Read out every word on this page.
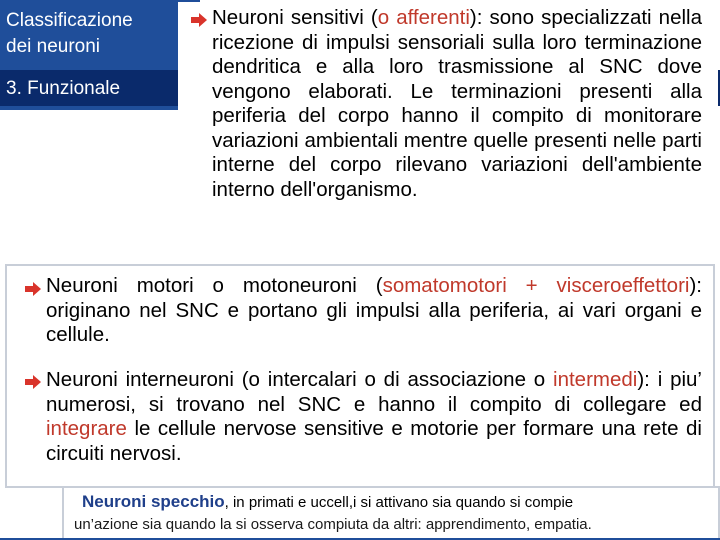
Classificazione
dei neuroni
3. Funzionale
Neuroni sensitivi (o afferenti): sono specializzati nella ricezione di impulsi sensoriali sulla loro terminazione dendritica e alla loro trasmissione al SNC dove vengono elaborati. Le terminazioni presenti alla periferia del corpo hanno il compito di monitorare variazioni ambientali mentre quelle presenti nelle parti interne del corpo rilevano variazioni dell'ambiente interno dell'organismo.
Neuroni motori o motoneuroni (somatomotori + visceroeffettori): originano nel SNC e portano gli impulsi alla periferia, ai vari organi e cellule.
Neuroni interneuroni (o intercalari o di associazione o intermedi): i piu’ numerosi, si trovano nel SNC e hanno il compito di collegare ed integrare le cellule nervose sensitive e motorie per formare una rete di circuiti nervosi.
Neuroni specchio, in primati e uccell,i si attivano sia quando si compie
un’azione sia quando la si osserva compiuta da altri: apprendimento, empatia.
